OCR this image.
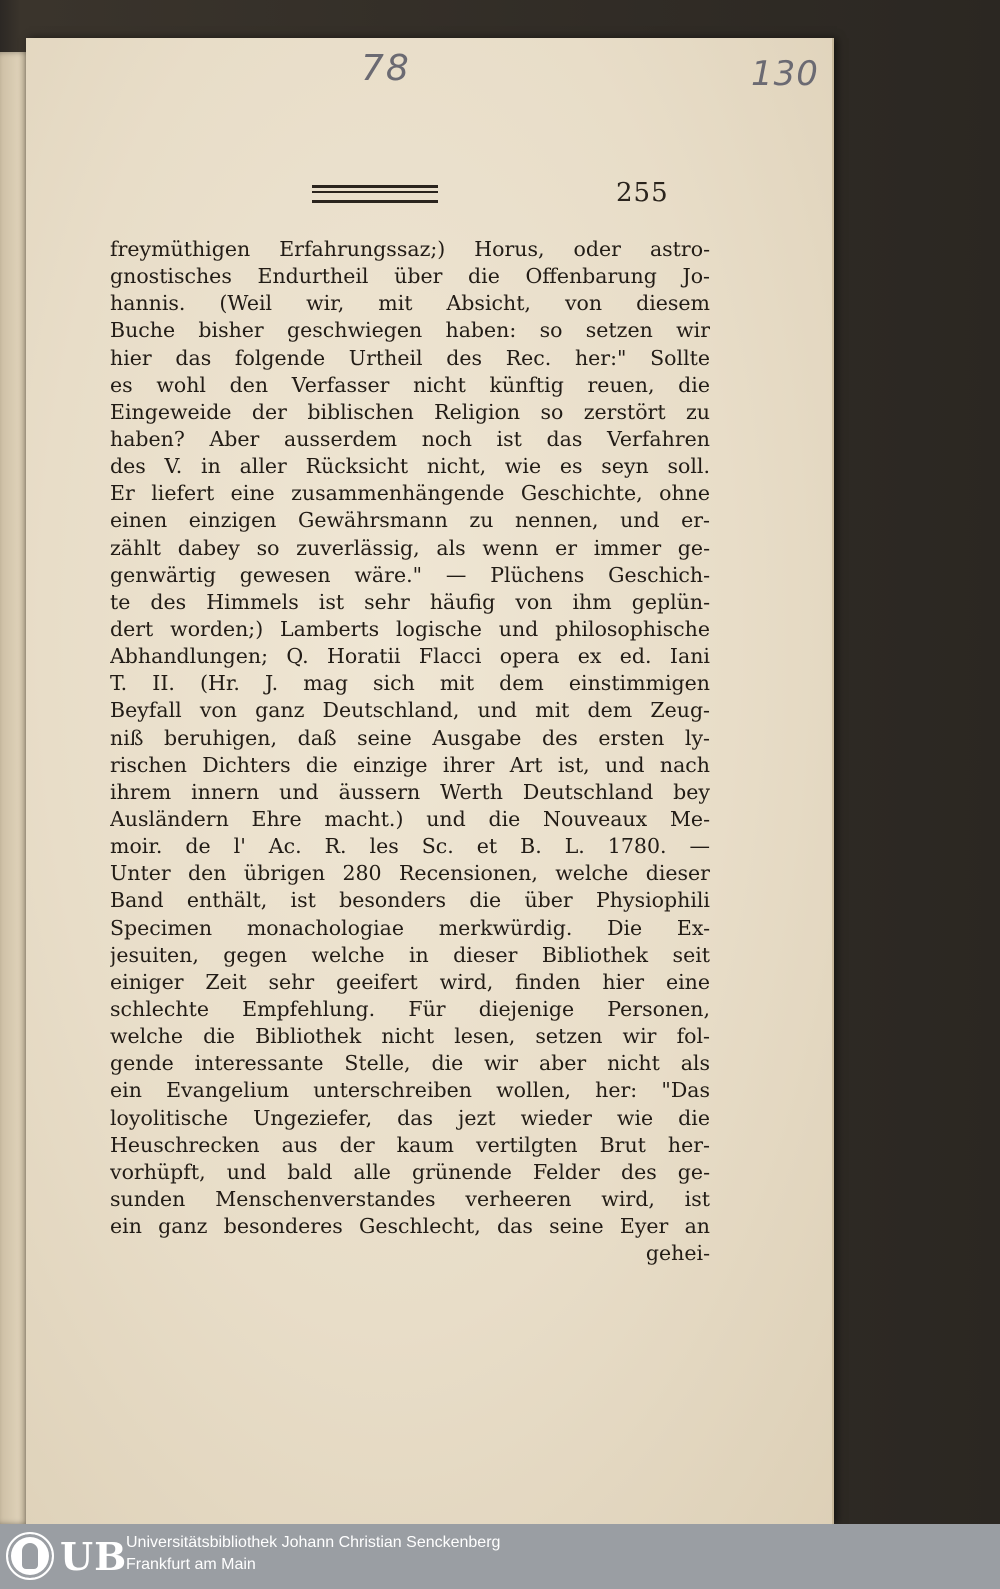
78	130
255
freymüthigen Erfahrungssaz;) Horus, oder astro-
gnostisches Endurtheil über die Offenbarung Jo-
hannis. (Weil wir, mit Absicht, von diesem
Buche bisher geschwiegen haben: so setzen wir
hier das folgende Urtheil des Rec. her:" Sollte
es wohl den Verfasser nicht künftig reuen, die
Eingeweide der biblischen Religion so zerstört zu
haben? Aber ausserdem noch ist das Verfahren
des V. in aller Rücksicht nicht, wie es seyn soll.
Er liefert eine zusammenhängende Geschichte, ohne
einen einzigen Gewährsmann zu nennen, und er-
zählt dabey so zuverlässig, als wenn er immer ge-
genwärtig gewesen wäre." — Plüchens Geschich-
te des Himmels ist sehr häufig von ihm geplün-
dert worden;) Lamberts logische und philosophische
Abhandlungen; Q. Horatii Flacci opera ex ed. Iani
T. II. (Hr. J. mag sich mit dem einstimmigen
Beyfall von ganz Deutschland, und mit dem Zeug-
niß beruhigen, daß seine Ausgabe des ersten ly-
rischen Dichters die einzige ihrer Art ist, und nach
ihrem innern und äussern Werth Deutschland bey
Ausländern Ehre macht.) und die Nouveaux Me-
moir. de l' Ac. R. les Sc. et B. L. 1780. —
Unter den übrigen 280 Recensionen, welche dieser
Band enthält, ist besonders die über Physiophili
Specimen monachologiae merkwürdig. Die Ex-
jesuiten, gegen welche in dieser Bibliothek seit
einiger Zeit sehr geeifert wird, finden hier eine
schlechte Empfehlung. Für diejenige Personen,
welche die Bibliothek nicht lesen, setzen wir fol-
gende interessante Stelle, die wir aber nicht als
ein Evangelium unterschreiben wollen, her: "Das
loyolitische Ungeziefer, das jezt wieder wie die
Heuschrecken aus der kaum vertilgten Brut her-
vorhüpft, und bald alle grünende Felder des ge-
sunden Menschenverstandes verheeren wird, ist
ein ganz besonderes Geschlecht, das seine Eyer an
gehei-
UB
Universitätsbibliothek Johann Christian Senckenberg
Frankfurt am Main
